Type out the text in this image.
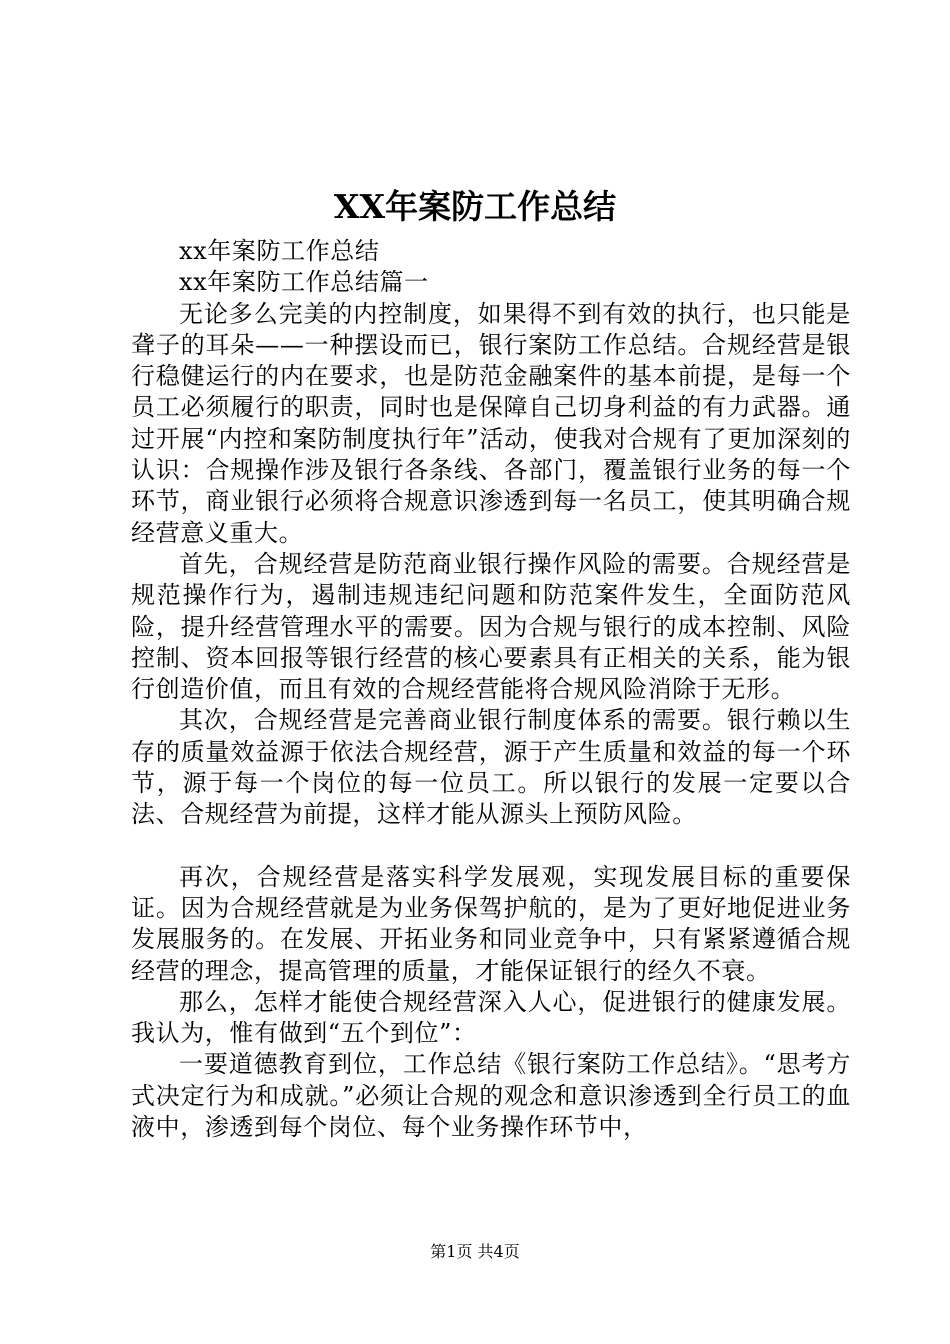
XX年案防工作总结

xx年案防工作总结

xx年案防工作总结篇一

无论多么完美的内控制度，如果得不到有效的执行，也只能是聋子的耳朵——一种摆设而已，银行案防工作总结。合规经营是银行稳健运行的内在要求，也是防范金融案件的基本前提，是每一个员工必须履行的职责，同时也是保障自己切身利益的有力武器。通过开展“内控和案防制度执行年”活动，使我对合规有了更加深刻的认识：合规操作涉及银行各条线、各部门，覆盖银行业务的每一个环节，商业银行必须将合规意识渗透到每一名员工，使其明确合规经营意义重大。

首先，合规经营是防范商业银行操作风险的需要。合规经营是规范操作行为，遏制违规违纪问题和防范案件发生，全面防范风险，提升经营管理水平的需要。因为合规与银行的成本控制、风险控制、资本回报等银行经营的核心要素具有正相关的关系，能为银行创造价值，而且有效的合规经营能将合规风险消除于无形。

其次，合规经营是完善商业银行制度体系的需要。银行赖以生存的质量效益源于依法合规经营，源于产生质量和效益的每一个环节，源于每一个岗位的每一位员工。所以银行的发展一定要以合法、合规经营为前提，这样才能从源头上预防风险。

再次，合规经营是落实科学发展观，实现发展目标的重要保证。因为合规经营就是为业务保驾护航的，是为了更好地促进业务发展服务的。在发展、开拓业务和同业竞争中，只有紧紧遵循合规经营的理念，提高管理的质量，才能保证银行的经久不衰。

那么，怎样才能使合规经营深入人心，促进银行的健康发展。我认为，惟有做到“五个到位”：

一要道德教育到位，工作总结《银行案防工作总结》。“思考方式决定行为和成就。”必须让合规的观念和意识渗透到全行员工的血液中，渗透到每个岗位、每个业务操作环节中，

第1页 共4页
